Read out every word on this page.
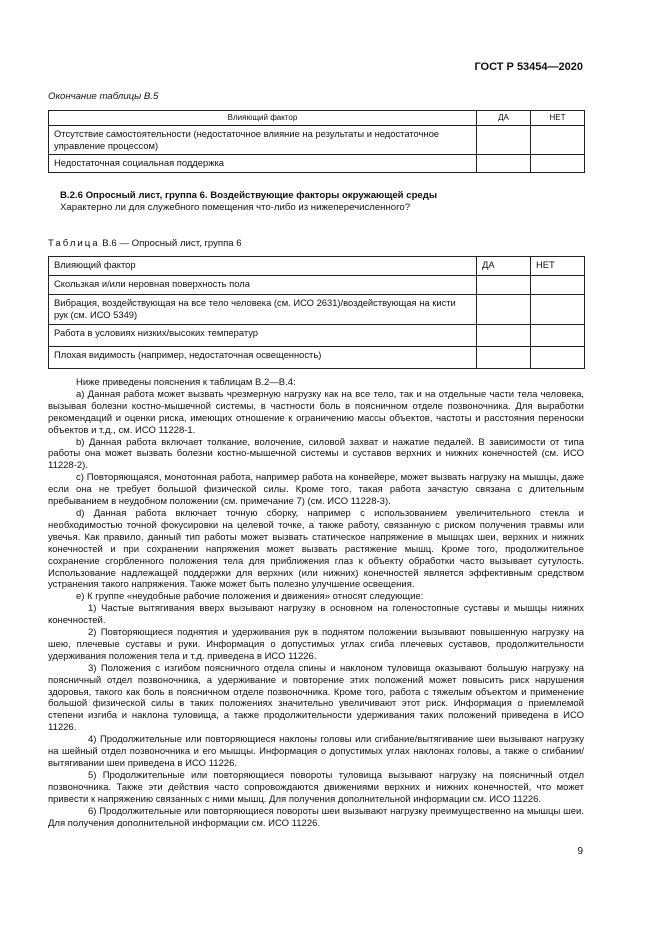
ГОСТ Р 53454—2020
Окончание таблицы В.5
Влияющий фактор	ДА	НЕТ
Отсутствие самостоятельности (недостаточное влияние на результаты и недостаточное управление процессом)		
Недостаточная социальная поддержка		
В.2.6 Опросный лист, группа 6. Воздействующие факторы окружающей среды
Характерно ли для служебного помещения что-либо из нижеперечисленного?
Таблица В.6 — Опросный лист, группа 6
Влияющий фактор	ДА	НЕТ
Скользкая и/или неровная поверхность пола		
Вибрация, воздействующая на все тело человека (см. ИСО 2631)/воздействующая на кисти рук (см. ИСО 5349)		
Работа в условиях низких/высоких температур		
Плохая видимость (например, недостаточная освещенность)		

Ниже приведены пояснения к таблицам В.2—В.4:

a) Данная работа может вызвать чрезмерную нагрузку как на все тело, так и на отдельные части тела человека, вызывая болезни костно-мышечной системы, в частности боль в поясничном отделе позвоночника. Для выработки рекомендаций и оценки риска, имеющих отношение к ограничению массы объектов, частоты и расстояния переноски объектов и т.д., см. ИСО 11228-1.

b) Данная работа включает толкание, волочение, силовой захват и нажатие педалей. В зависимости от типа работы она может вызвать болезни костно-мышечной системы и суставов верхних и нижних конечностей (см. ИСО 11228-2).

c) Повторяющаяся, монотонная работа, например работа на конвейере, может вызвать нагрузку на мышцы, даже если она не требует большой физической силы. Кроме того, такая работа зачастую связана с длительным пребыванием в неудобном положении (см. примечание 7) (см. ИСО 11228-3).

d) Данная работа включает точную сборку, например с использованием увеличительного стекла и необходимостью точной фокусировки на целевой точке, а также работу, связанную с риском получения травмы или увечья. Как правило, данный тип работы может вызвать статическое напряжение в мышцах шеи, верхних и нижних конечностей и при сохранении напряжения может вызвать растяжение мышц. Кроме того, продолжительное сохранение сгорбленного положения тела для приближения глаз к объекту обработки часто вызывает сутулость. Использование надлежащей поддержки для верхних (или нижних) конечностей является эффективным средством устранения такого напряжения. Также может быть полезно улучшение освещения.

e) К группе «неудобные рабочие положения и движения» относят следующие:

1) Частые вытягивания вверх вызывают нагрузку в основном на голеностопные суставы и мышцы нижних конечностей.

2) Повторяющиеся поднятия и удерживания рук в поднятом положении вызывают повышенную нагрузку на шею, плечевые суставы и руки. Информация о допустимых углах сгиба плечевых суставов, продолжительности удерживания положения тела и т.д. приведена в ИСО 11226.

3) Положения с изгибом поясничного отдела спины и наклоном туловища оказывают большую нагрузку на поясничный отдел позвоночника, а удерживание и повторение этих положений может повысить риск нарушения здоровья, такого как боль в поясничном отделе позвоночника. Кроме того, работа с тяжелым объектом и применение большой физической силы в таких положениях значительно увеличивают этот риск. Информация о приемлемой степени изгиба и наклона туловища, а также продолжительности удерживания таких положений приведена в ИСО 11226.

4) Продолжительные или повторяющиеся наклоны головы или сгибание/вытягивание шеи вызывают нагрузку на шейный отдел позвоночника и его мышцы. Информация о допустимых углах наклонах головы, а также о сгибании/вытягивании шеи приведена в ИСО 11226.

5) Продолжительные или повторяющиеся повороты туловища вызывают нагрузку на поясничный отдел позвоночника. Также эти действия часто сопровождаются движениями верхних и нижних конечностей, что может привести к напряжению связанных с ними мышц. Для получения дополнительной информации см. ИСО 11226.

6) Продолжительные или повторяющиеся повороты шеи вызывают нагрузку преимущественно на мышцы шеи. Для получения дополнительной информации см. ИСО 11226.

9
